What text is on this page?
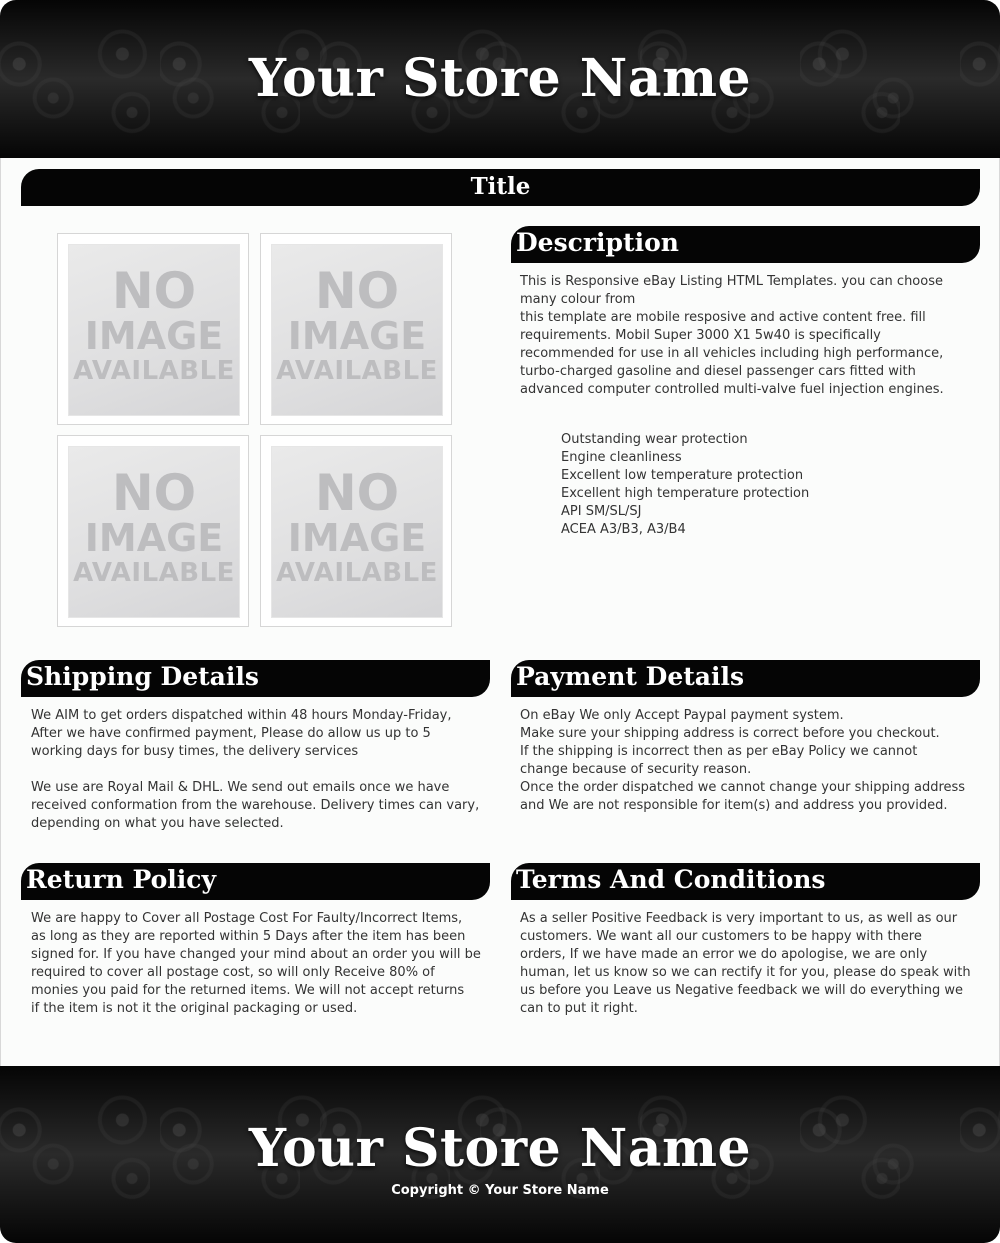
Your Store Name
Title
NO
IMAGE
AVAILABLE
NO
IMAGE
AVAILABLE
NO
IMAGE
AVAILABLE
NO
IMAGE
AVAILABLE
Description

This is Responsive eBay Listing HTML Templates. you can choose

many colour from

this template are mobile resposive and active content free. fill

requirements. Mobil Super 3000 X1 5w40 is specifically

recommended for use in all vehicles including high performance,

turbo-charged gasoline and diesel passenger cars fitted with

advanced computer controlled multi-valve fuel injection engines.

Outstanding wear protection
Engine cleanliness
Excellent low temperature protection
Excellent high temperature protection
API SM/SL/SJ
ACEA A3/B3, A3/B4
Shipping Details

We AIM to get orders dispatched within 48 hours Monday-Friday,

After we have confirmed payment, Please do allow us up to 5

working days for busy times, the delivery services

We use are Royal Mail & DHL. We send out emails once we have

received conformation from the warehouse. Delivery times can vary,

depending on what you have selected.

Payment Details

On eBay We only Accept Paypal payment system.

Make sure your shipping address is correct before you checkout.

If the shipping is incorrect then as per eBay Policy we cannot

change because of security reason.

Once the order dispatched we cannot change your shipping address

and We are not responsible for item(s) and address you provided.

Return Policy

We are happy to Cover all Postage Cost For Faulty/Incorrect Items,

as long as they are reported within 5 Days after the item has been

signed for. If you have changed your mind about an order you will be

required to cover all postage cost, so will only Receive 80% of

monies you paid for the returned items. We will not accept returns

if the item is not it the original packaging or used.

Terms And Conditions

As a seller Positive Feedback is very important to us, as well as our

customers. We want all our customers to be happy with there

orders, If we have made an error we do apologise, we are only

human, let us know so we can rectify it for you, please do speak with

us before you Leave us Negative feedback we will do everything we

can to put it right.

Your Store Name
Copyright © Your Store Name
